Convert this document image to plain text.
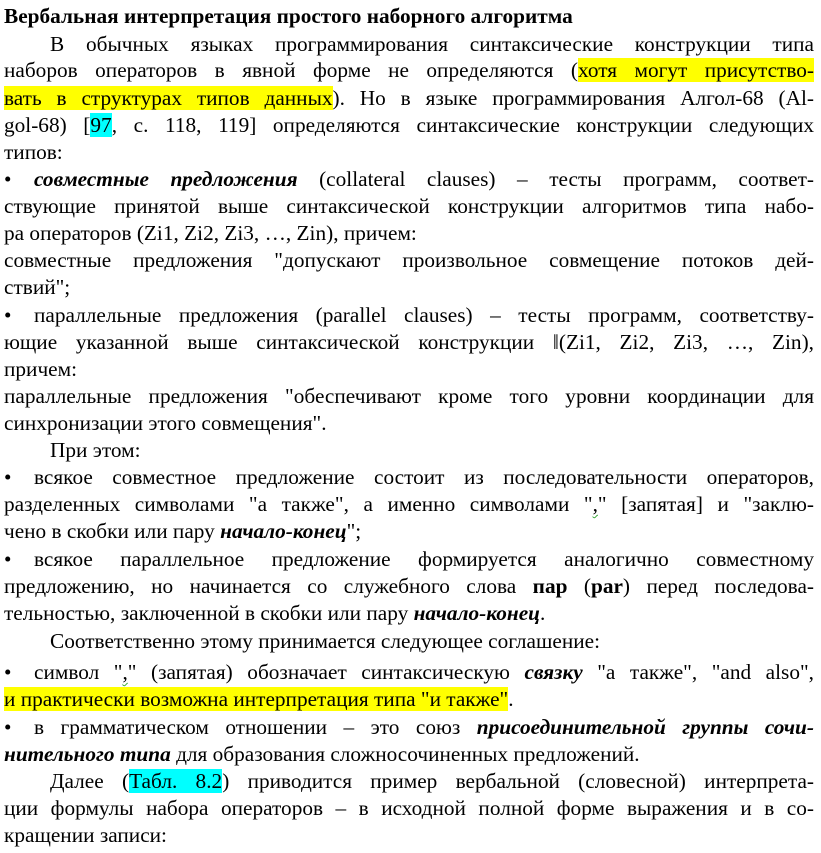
Вербальная интерпретация простого наборного алгоритма
В обычных языках программирования синтаксические конструкции типа
наборов операторов в явной форме не определяются (хотя могут присутство-
вать в структурах типов данных). Но в языке программирования Алгол-68 (Al-
gol-68) [97, с. 118, 119] определяются синтаксические конструкции следующих
типов:
• совместные предложения (collateral clauses) – тесты программ, соответ-
ствующие принятой выше синтаксической конструкции алгоритмов типа набо-
ра операторов (Zi1, Zi2, Zi3, …, Zin), причем:
совместные предложения "допускают произвольное совмещение потоков дей-
ствий";
• параллельные предложения (parallel clauses) – тесты программ, соответству-
ющие указанной выше синтаксической конструкции ǁ(Zi1, Zi2, Zi3, …, Zin),
причем:
параллельные предложения "обеспечивают кроме того уровни координации для
синхронизации этого совмещения".
При этом:
• всякое совместное предложение состоит из последовательности операторов,
разделенных символами "а также", а именно символами "," [запятая] и "заклю-
чено в скобки или пару начало-конец";
• всякое параллельное предложение формируется аналогично совместному
предложению, но начинается со служебного слова пар (par) перед последова-
тельностью, заключенной в скобки или пару начало-конец.
Соответственно этому принимается следующее соглашение:
• символ "," (запятая) обозначает синтаксическую связку "а также", "and also",
и практически возможна интерпретация типа "и также".
• в грамматическом отношении – это союз присоединительной группы сочи-
нительного типа для образования сложносочиненных предложений.
Далее (Табл. 8.2) приводится пример вербальной (словесной) интерпрета-
ции формулы набора операторов – в исходной полной форме выражения и в со-
кращении записи:
